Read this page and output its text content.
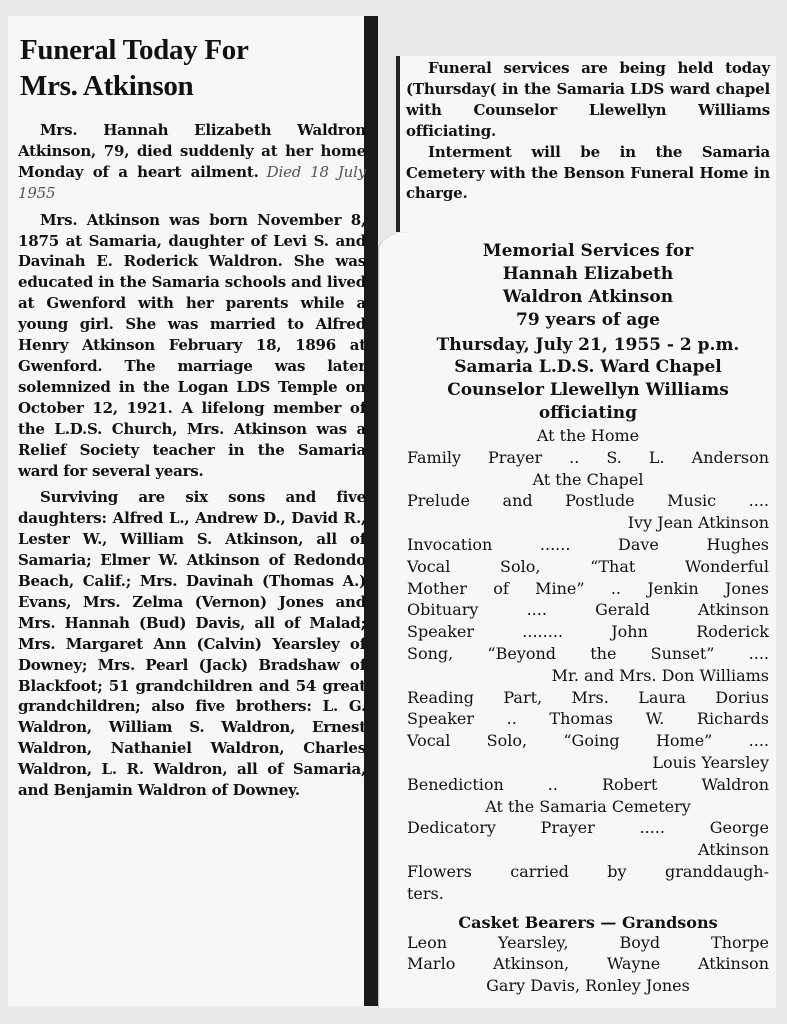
Funeral Today For
Mrs. Atkinson

Mrs. Hannah Elizabeth Waldron Atkinson, 79, died suddenly at her home Monday of a heart ailment. Died 18 July 1955

Mrs. Atkinson was born November 8, 1875 at Samaria, daughter of Levi S. and Davinah E. Roderick Waldron. She was educated in the Samaria schools and lived at Gwenford with her parents while a young girl. She was married to Alfred Henry Atkinson February 18, 1896 at Gwenford. The marriage was later solemnized in the Logan LDS Temple on October 12, 1921. A lifelong member of the L.D.S. Church, Mrs. Atkinson was a Relief Society teacher in the Samaria ward for several years.

Surviving are six sons and five daughters: Alfred L., Andrew D., David R., Lester W., William S. Atkinson, all of Samaria; Elmer W. Atkinson of Redondo Beach, Calif.; Mrs. Davinah (Thomas A.) Evans, Mrs. Zelma (Vernon) Jones and Mrs. Hannah (Bud) Davis, all of Malad; Mrs. Margaret Ann (Calvin) Yearsley of Downey; Mrs. Pearl (Jack) Bradshaw of Blackfoot; 51 grandchildren and 54 great grandchildren; also five brothers: L. G. Waldron, William S. Waldron, Ernest Waldron, Nathaniel Waldron, Charles Waldron, L. R. Waldron, all of Samaria, and Benjamin Waldron of Downey.

Funeral services are being held today (Thursday( in the Samaria LDS ward chapel with Counselor Llewellyn Williams officiating.

Interment will be in the Samaria Cemetery with the Benson Funeral Home in charge.

Memorial Services for
Hannah Elizabeth
Waldron Atkinson
79 years of age
Thursday, July 21, 1955 - 2 p.m.
Samaria L.D.S. Ward Chapel
Counselor Llewellyn Williams
officiating
At the Home
Family Prayer .. S. L. Anderson
At the Chapel
Prelude and Postlude Music ....
Ivy Jean Atkinson
Invocation ...... Dave Hughes
Vocal Solo, “That Wonderful
Mother of Mine” .. Jenkin Jones
Obituary .... Gerald Atkinson
Speaker ........ John Roderick
Song, “Beyond the Sunset” ....
Mr. and Mrs. Don Williams
Reading Part, Mrs. Laura Dorius
Speaker .. Thomas W. Richards
Vocal Solo, “Going Home” ....
Louis Yearsley
Benediction .. Robert Waldron
At the Samaria Cemetery
Dedicatory Prayer ..... George
Atkinson
Flowers carried by granddaugh-
ters.
Casket Bearers — Grandsons
Leon Yearsley, Boyd Thorpe
Marlo Atkinson, Wayne Atkinson
Gary Davis, Ronley Jones
